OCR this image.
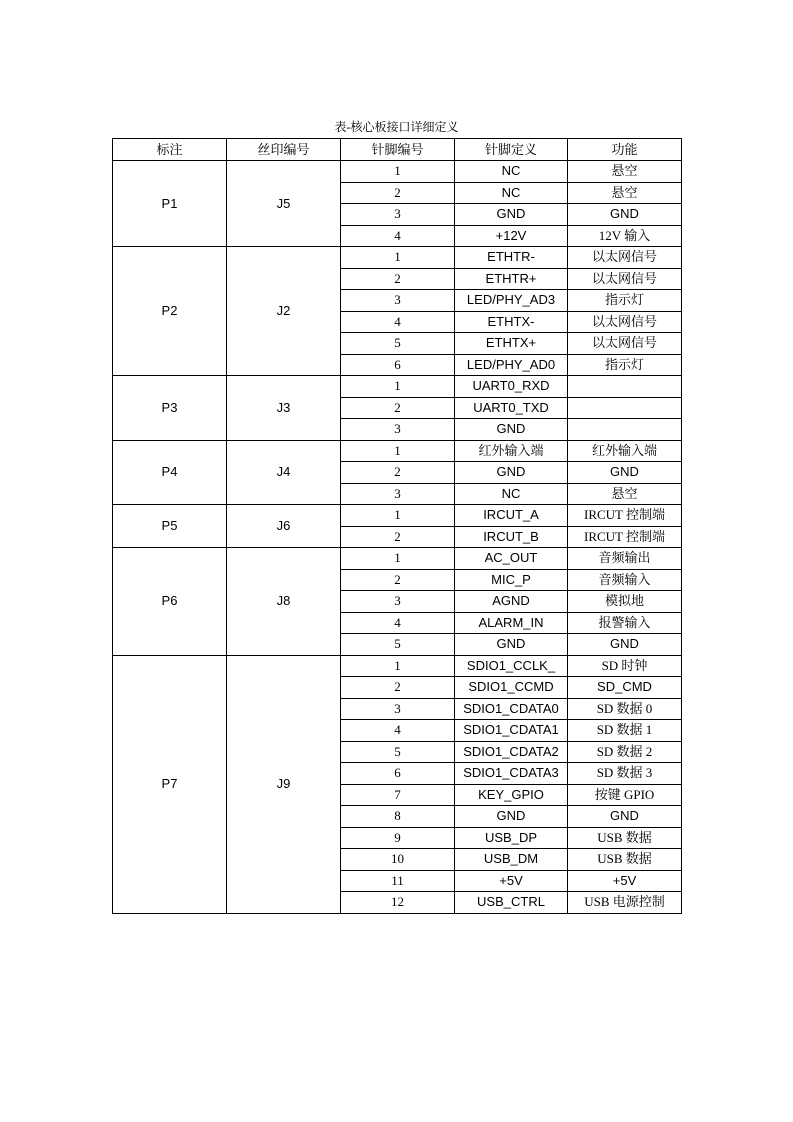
表-核心板接口详细定义
标注	丝印编号	针脚编号	针脚定义	功能
P1	J5	1	NC	悬空
		2	NC	悬空
		3	GND	GND
		4	+12V	12V 输入
P2	J2	1	ETHTR-	以太网信号
		2	ETHTR+	以太网信号
		3	LED/PHY_AD3	指示灯
		4	ETHTX-	以太网信号
		5	ETHTX+	以太网信号
		6	LED/PHY_AD0	指示灯
P3	J3	1	UART0_RXD	
		2	UART0_TXD	
		3	GND	
P4	J4	1	红外输入端	红外输入端
		2	GND	GND
		3	NC	悬空
P5	J6	1	IRCUT_A	IRCUT 控制端
		2	IRCUT_B	IRCUT 控制端
P6	J8	1	AC_OUT	音频输出
		2	MIC_P	音频输入
		3	AGND	模拟地
		4	ALARM_IN	报警输入
		5	GND	GND
P7	J9	1	SDIO1_CCLK_	SD 时钟
		2	SDIO1_CCMD	SD_CMD
		3	SDIO1_CDATA0	SD 数据 0
		4	SDIO1_CDATA1	SD 数据 1
		5	SDIO1_CDATA2	SD 数据 2
		6	SDIO1_CDATA3	SD 数据 3
		7	KEY_GPIO	按键 GPIO
		8	GND	GND
		9	USB_DP	USB 数据
		10	USB_DM	USB 数据
		11	+5V	+5V
		12	USB_CTRL	USB 电源控制
